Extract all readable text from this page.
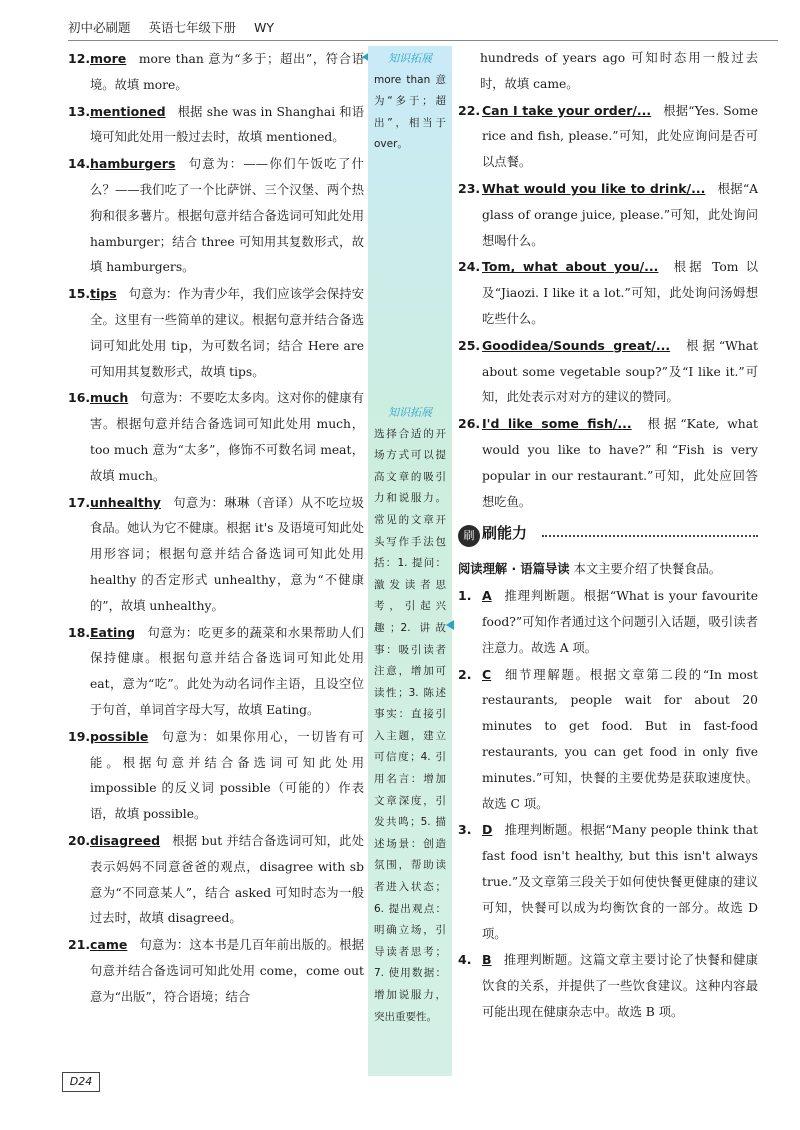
初中必刷题 英语七年级下册 WY
12. more more than 意为“多于；超出”，符合语境。故填 more。
13. mentioned 根据 she was in Shanghai 和语境可知此处用一般过去时，故填 mentioned。
14. hamburgers 句意为：——你们午饭吃了什么？——我们吃了一个比萨饼、三个汉堡、两个热狗和很多薯片。根据句意并结合备选词可知此处用 hamburger；结合 three 可知用其复数形式，故填 hamburgers。
15. tips 句意为：作为青少年，我们应该学会保持安全。这里有一些简单的建议。根据句意并结合备选词可知此处用 tip，为可数名词；结合 Here are 可知用其复数形式，故填 tips。
16. much 句意为：不要吃太多肉。这对你的健康有害。根据句意并结合备选词可知此处用 much，too much 意为“太多”，修饰不可数名词 meat，故填 much。
17. unhealthy 句意为：琳琳（音译）从不吃垃圾食品。她认为它不健康。根据 it's 及语境可知此处用形容词；根据句意并结合备选词可知此处用 healthy 的否定形式 unhealthy，意为“不健康的”，故填 unhealthy。
18. Eating 句意为：吃更多的蔬菜和水果帮助人们保持健康。根据句意并结合备选词可知此处用 eat，意为“吃”。此处为动名词作主语，且设空位于句首，单词首字母大写，故填 Eating。
19. possible 句意为：如果你用心，一切皆有可能。根据句意并结合备选词可知此处用 impossible 的反义词 possible（可能的）作表语，故填 possible。
20. disagreed 根据 but 并结合备选词可知，此处表示妈妈不同意爸爸的观点，disagree with sb 意为“不同意某人”，结合 asked 可知时态为一般过去时，故填 disagreed。
21. came 句意为：这本书是几百年前出版的。根据句意并结合备选词可知此处用 come，come out 意为“出版”，符合语境；结合
知识拓展

more than 意为“多于；超出”，相当于 over。

知识拓展

选择合适的开场方式可以提高文章的吸引力和说服力。常见的文章开头写作手法包括：1. 提问：激发读者思考，引起兴趣；2. 讲故事：吸引读者注意，增加可读性；3. 陈述事实：直接引入主题，建立可信度；4. 引用名言：增加文章深度，引发共鸣；5. 描述场景：创造氛围，帮助读者进入状态；6. 提出观点：明确立场，引导读者思考；7. 使用数据：增加说服力，突出重要性。

hundreds of years ago 可知时态用一般过去时，故填 came。
22. Can I take your order/... 根据“Yes. Some rice and fish, please.”可知，此处应询问是否可以点餐。
23. What would you like to drink/... 根据“A glass of orange juice, please.”可知，此处询问想喝什么。
24. Tom, what about you/... 根据 Tom 以及“Jiaozi. I like it a lot.”可知，此处询问汤姆想吃些什么。
25. Goodidea/Sounds great/... 根据“What about some vegetable soup?”及“I like it.”可知，此处表示对对方的建议的赞同。
26. I'd like some fish/... 根据“Kate, what would you like to have?”和“Fish is very popular in our restaurant.”可知，此处应回答想吃鱼。
刷 刷能力
阅读理解 · 语篇导读 本文主要介绍了快餐食品。
1. A 推理判断题。根据“What is your favourite food?”可知作者通过这个问题引入话题，吸引读者注意力。故选 A 项。
2. C 细节理解题。根据文章第二段的“In most restaurants, people wait for about 20 minutes to get food. But in fast-food restaurants, you can get food in only five minutes.”可知，快餐的主要优势是获取速度快。故选 C 项。
3. D 推理判断题。根据“Many people think that fast food isn't healthy, but this isn't always true.”及文章第三段关于如何使快餐更健康的建议可知，快餐可以成为均衡饮食的一部分。故选 D 项。
4. B 推理判断题。这篇文章主要讨论了快餐和健康饮食的关系，并提供了一些饮食建议。这种内容最可能出现在健康杂志中。故选 B 项。
D24
